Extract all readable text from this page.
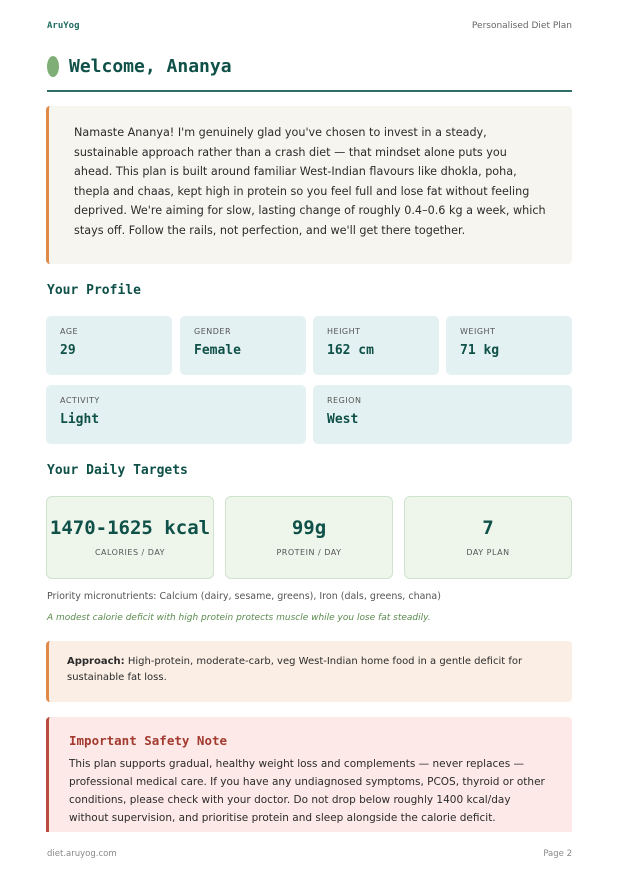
AruYog	Personalised Diet Plan
Welcome, Ananya
Namaste Ananya! I'm genuinely glad you've chosen to invest in a steady, sustainable approach rather than a crash diet — that mindset alone puts you ahead. This plan is built around familiar West-Indian flavours like dhokla, poha, thepla and chaas, kept high in protein so you feel full and lose fat without feeling deprived. We're aiming for slow, lasting change of roughly 0.4–0.6 kg a week, which stays off. Follow the rails, not perfection, and we'll get there together.
Your Profile
AGE
29
GENDER
Female
HEIGHT
162 cm
WEIGHT
71 kg
ACTIVITY
Light
REGION
West
Your Daily Targets
1470-1625 kcal
CALORIES / DAY
99g
PROTEIN / DAY
7
DAY PLAN

Priority micronutrients: Calcium (dairy, sesame, greens), Iron (dals, greens, chana)

A modest calorie deficit with high protein protects muscle while you lose fat steadily.

Approach: High-protein, moderate-carb, veg West-Indian home food in a gentle deficit for sustainable fat loss.
Important Safety Note

This plan supports gradual, healthy weight loss and complements — never replaces — professional medical care. If you have any undiagnosed symptoms, PCOS, thyroid or other conditions, please check with your doctor. Do not drop below roughly 1400 kcal/day without supervision, and prioritise protein and sleep alongside the calorie deficit.

diet.aruyog.com	Page 2
